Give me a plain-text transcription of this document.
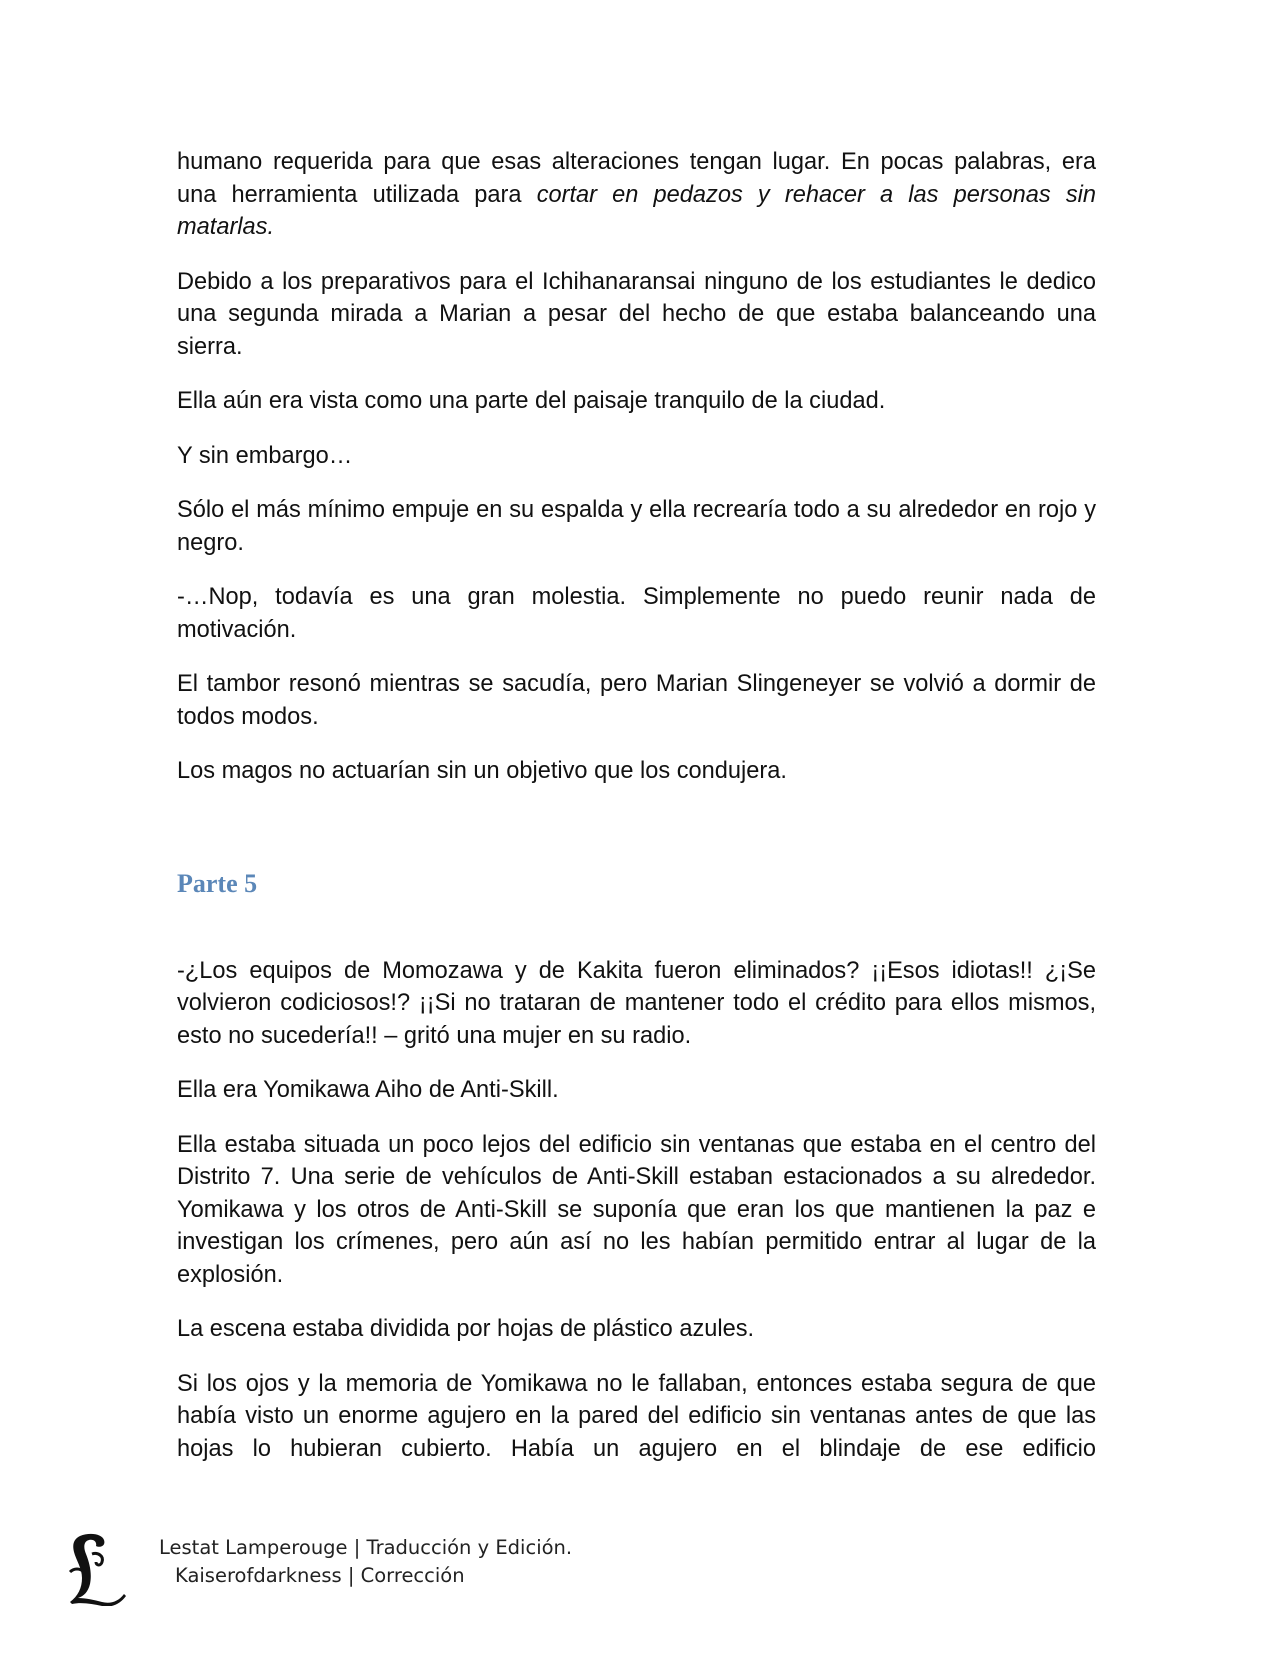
humano requerida para que esas alteraciones tengan lugar. En pocas palabras, era una herramienta utilizada para cortar en pedazos y rehacer a las personas sin matarlas.

Debido a los preparativos para el Ichihanaransai ninguno de los estudiantes le dedico una segunda mirada a Marian a pesar del hecho de que estaba balanceando una sierra.

Ella aún era vista como una parte del paisaje tranquilo de la ciudad.

Y sin embargo…

Sólo el más mínimo empuje en su espalda y ella recrearía todo a su alrededor en rojo y negro.

-…Nop, todavía es una gran molestia. Simplemente no puedo reunir nada de motivación.

El tambor resonó mientras se sacudía, pero Marian Slingeneyer se volvió a dormir de todos modos.

Los magos no actuarían sin un objetivo que los condujera.

Parte 5

-¿Los equipos de Momozawa y de Kakita fueron eliminados? ¡¡Esos idiotas!! ¿¡Se volvieron codiciosos!? ¡¡Si no trataran de mantener todo el crédito para ellos mismos, esto no sucedería!! – gritó una mujer en su radio.

Ella era Yomikawa Aiho de Anti-Skill.

Ella estaba situada un poco lejos del edificio sin ventanas que estaba en el centro del Distrito 7. Una serie de vehículos de Anti-Skill estaban estacionados a su alrededor. Yomikawa y los otros de Anti-Skill se suponía que eran los que mantienen la paz e investigan los crímenes, pero aún así no les habían permitido entrar al lugar de la explosión.

La escena estaba dividida por hojas de plástico azules.

Si los ojos y la memoria de Yomikawa no le fallaban, entonces estaba segura de que había visto un enorme agujero en la pared del edificio sin ventanas antes de que las hojas lo hubieran cubierto. Había un agujero en el blindaje de ese edificio

Lestat Lamperouge | Traducción y Edición.
Kaiserofdarkness | Corrección
